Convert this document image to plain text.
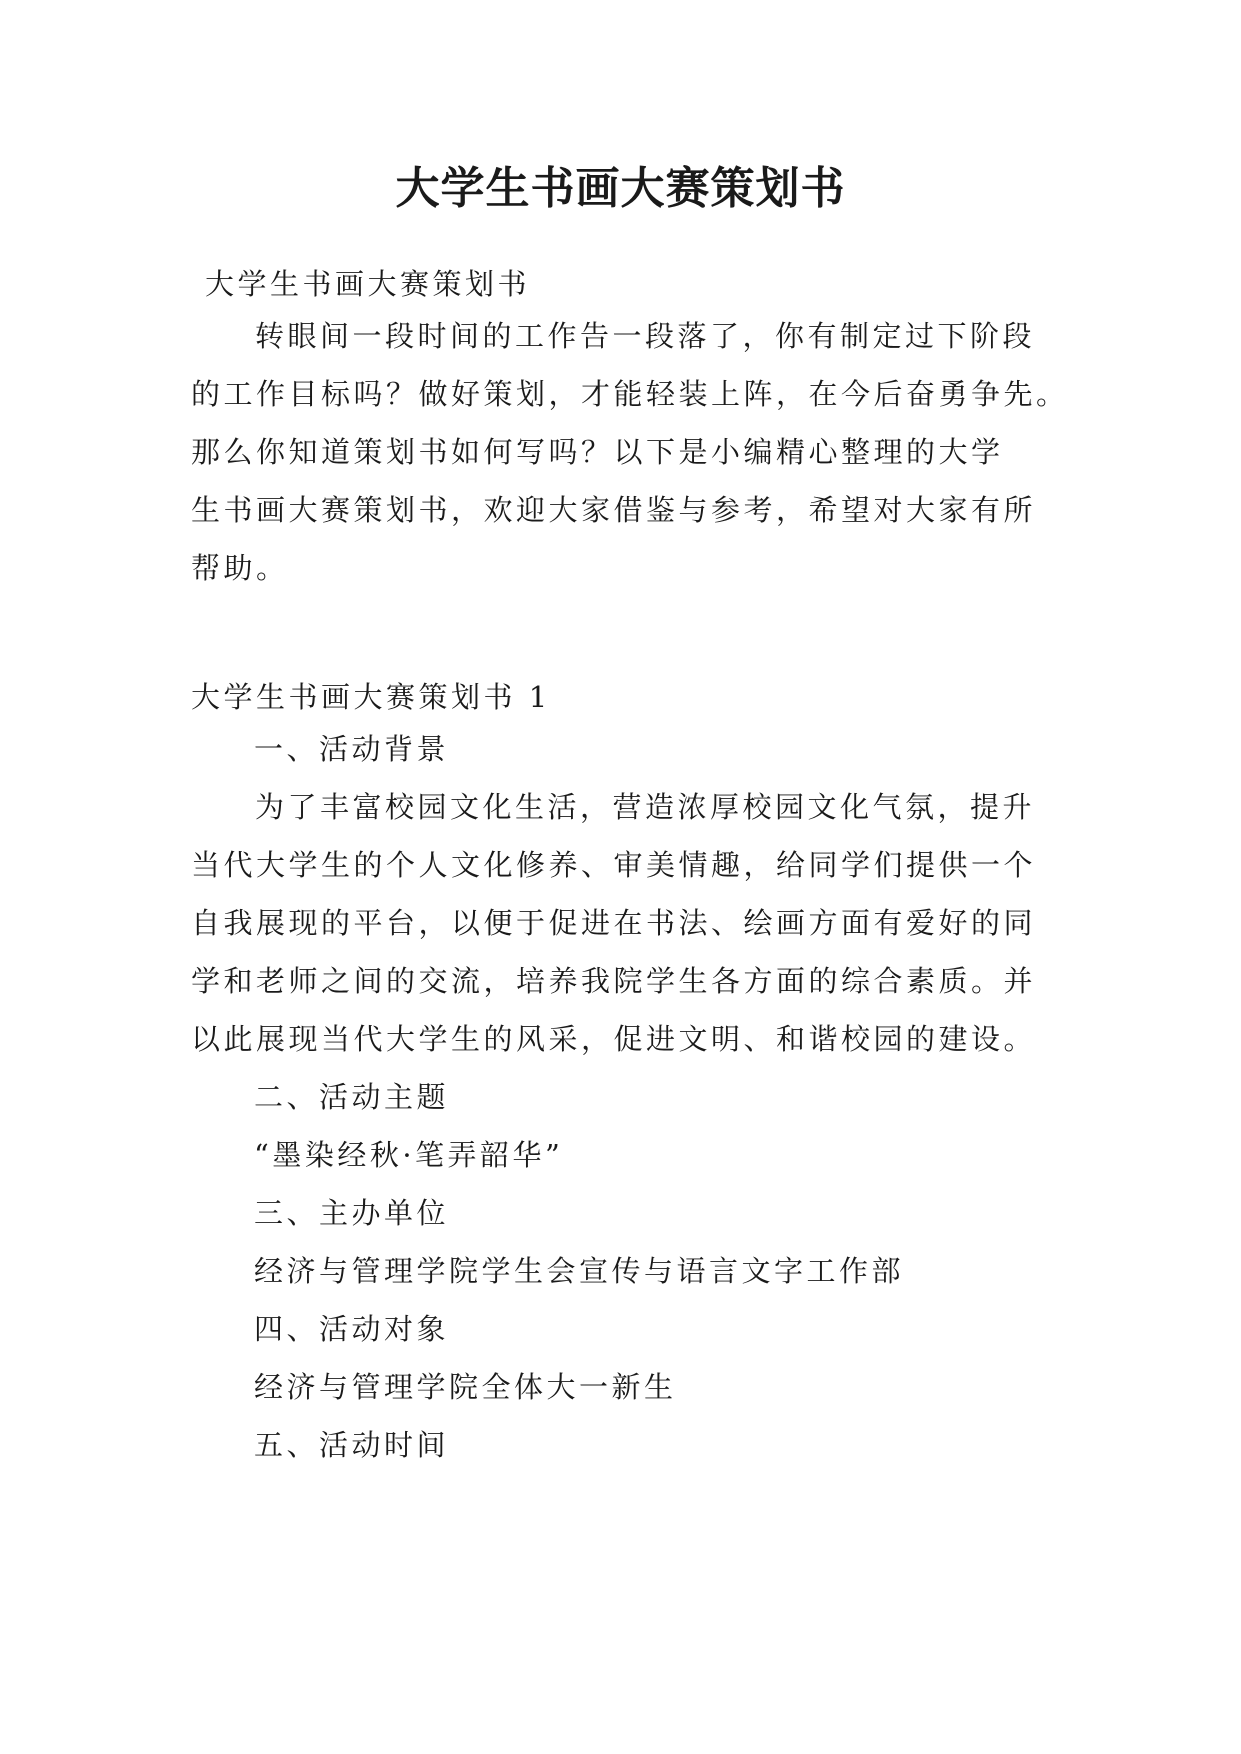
大学生书画大赛策划书

大学生书画大赛策划书

转眼间一段时间的工作告一段落了，你有制定过下阶段
的工作目标吗？做好策划，才能轻装上阵，在今后奋勇争先。
那么你知道策划书如何写吗？以下是小编精心整理的大学
生书画大赛策划书，欢迎大家借鉴与参考，希望对大家有所
帮助。

大学生书画大赛策划书 1

一、活动背景

为了丰富校园文化生活，营造浓厚校园文化气氛，提升
当代大学生的个人文化修养、审美情趣，给同学们提供一个
自我展现的平台，以便于促进在书法、绘画方面有爱好的同
学和老师之间的交流，培养我院学生各方面的综合素质。并
以此展现当代大学生的风采，促进文明、和谐校园的建设。

二、活动主题

“墨染经秋·笔弄韶华”

三、主办单位

经济与管理学院学生会宣传与语言文字工作部

四、活动对象

经济与管理学院全体大一新生

五、活动时间
